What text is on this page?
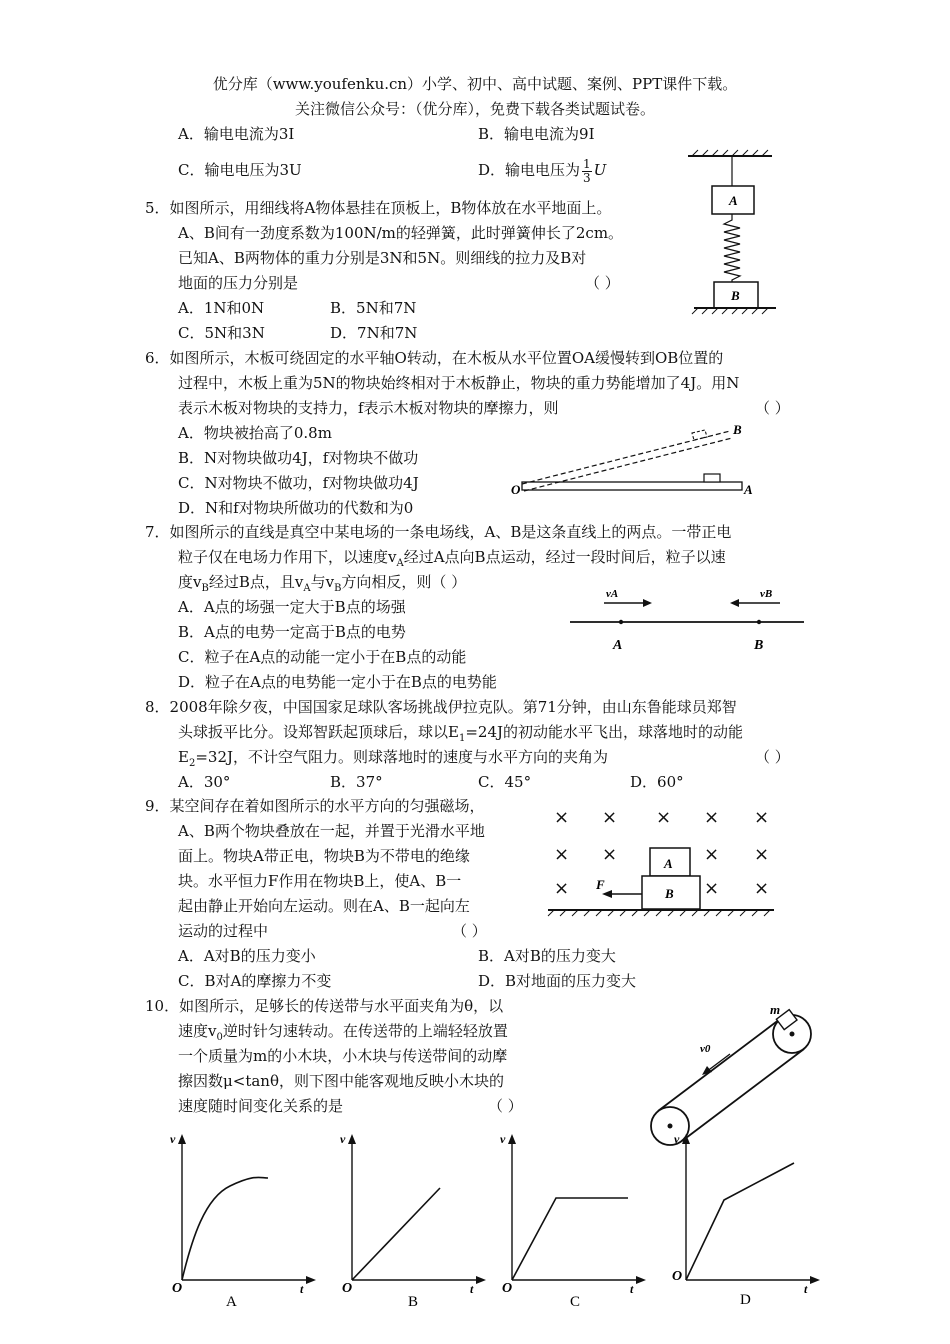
优分库（www.youfenku.cn）小学、初中、高中试题、案例、PPT课件下载。
关注微信公众号：（优分库），免费下载各类试题试卷。
A．输电电流为3I	B．输电电流为9I
C．输电电压为3U	D．输电电压为 $\frac{1}{3}$ U
5．如图所示，用细线将A物体悬挂在顶板上，B物体放在水平地面上。
A、B间有一劲度系数为100N/m的轻弹簧，此时弹簧伸长了2cm。
已知A、B两物体的重力分别是3N和5N。则细线的拉力及B对
地面的压力分别是	（ ）
A．1N和0N	B．5N和7N
C．5N和3N	D．7N和7N
A
B
6．如图所示，木板可绕固定的水平轴O转动，在木板从水平位置OA缓慢转到OB位置的
过程中，木板上重为5N的物块始终相对于木板静止，物块的重力势能增加了4J。用N
表示木板对物块的支持力，f表示木板对物块的摩擦力，则	（ ）
A．物块被抬高了0.8m
B．N对物块做功4J，f对物块不做功
C．N对物块不做功，f对物块做功4J
D．N和f对物块所做功的代数和为0
O	A
B
7．如图所示的直线是真空中某电场的一条电场线，A、B是这条直线上的两点。一带正电
粒子仅在电场力作用下，以速度$v_A$经过A点向B点运动，经过一段时间后，粒子以速
度$v_B$经过B点，且$v_A$与$v_B$方向相反，则（ ）
A．A点的场强一定大于B点的场强
B．A点的电势一定高于B点的电势
C．粒子在A点的动能一定小于在B点的动能
D．粒子在A点的电势能一定小于在B点的电势能
vA	vB
A	B
8．2008年除夕夜，中国国家足球队客场挑战伊拉克队。第71分钟，由山东鲁能球员郑智
头球扳平比分。设郑智跃起顶球后，球以$E_1=24J$的初动能水平飞出，球落地时的动能
$E_2=32J$，不计空气阻力。则球落地时的速度与水平方向的夹角为	（ ）
A．30°	B．37°	C．45°	D．60°
9．某空间存在着如图所示的水平方向的匀强磁场，
A、B两个物块叠放在一起，并置于光滑水平地
面上。物块A带正电，物块B为不带电的绝缘
块。水平恒力F作用在物块B上，使A、B一
起由静止开始向左运动。则在A、B一起向左
运动的过程中	（ ）
A．A对B的压力变小	B．A对B的压力变大
C．B对A的摩擦力不变	D．B对地面的压力变大
× × × × ×
× ×	× ×
×	× ×
A
B
F
10．如图所示，足够长的传送带与水平面夹角为θ，以
速度$v_0$逆时针匀速转动。在传送带的上端轻轻放置
一个质量为m的小木块，小木块与传送带间的动摩
擦因数μ<tanθ，则下图中能客观地反映小木块的
速度随时间变化关系的是	（ ）
m
v0
v
t
O
A
v
t
O
B
v
t
O
C
v
t
O
D
